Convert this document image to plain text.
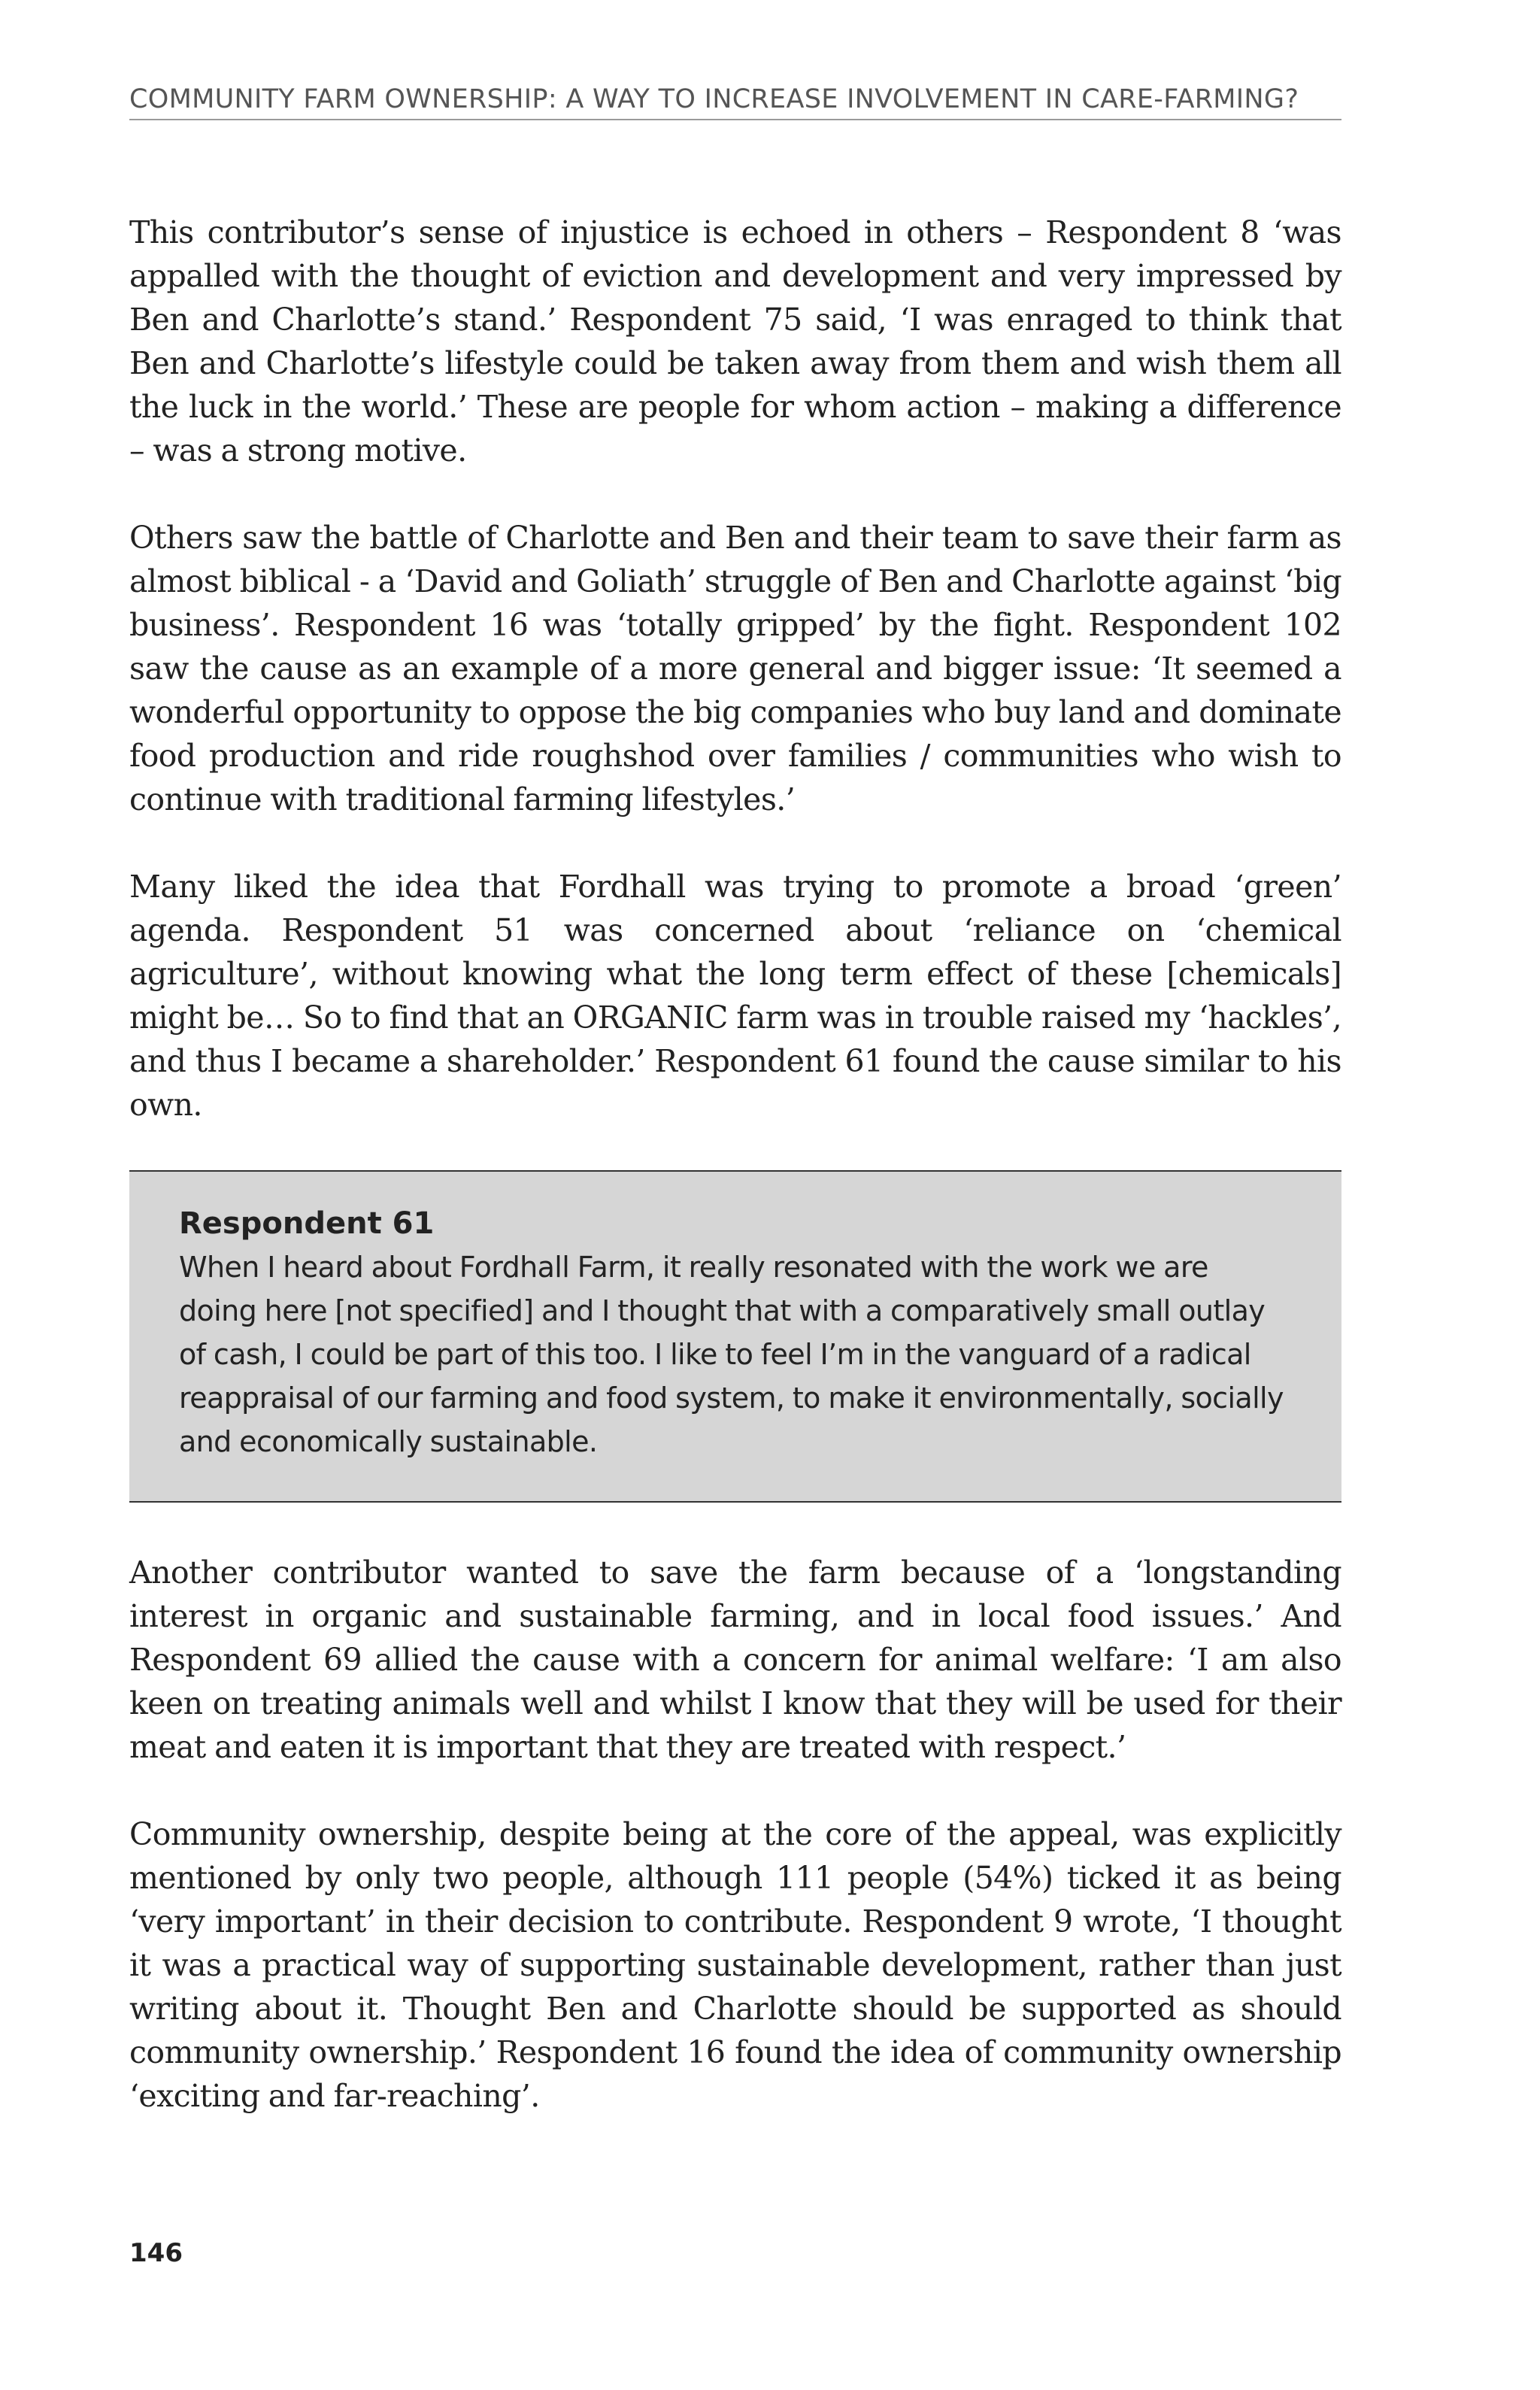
COMMUNITY FARM OWNERSHIP: A WAY TO INCREASE INVOLVEMENT IN CARE-FARMING?

This contributor’s sense of injustice is echoed in others – Respondent 8 ‘was appalled with the thought of eviction and development and very impressed by Ben and Charlotte’s stand.’ Respondent 75 said, ‘I was enraged to think that Ben and Charlotte’s lifestyle could be taken away from them and wish them all the luck in the world.’ These are people for whom action – making a difference – was a strong motive.

Others saw the battle of Charlotte and Ben and their team to save their farm as almost biblical - a ‘David and Goliath’ struggle of Ben and Charlotte against ‘big business’. Respondent 16 was ‘totally gripped’ by the fight. Respondent 102 saw the cause as an example of a more general and bigger issue: ‘It seemed a wonderful opportunity to oppose the big companies who buy land and dominate food production and ride roughshod over families / communities who wish to continue with traditional farming lifestyles.’

Many liked the idea that Fordhall was trying to promote a broad ‘green’ agenda. Respondent 51 was concerned about ‘reliance on ‘chemical agriculture’, without knowing what the long term effect of these [chemicals] might be… So to find that an ORGANIC farm was in trouble raised my ‘hackles’, and thus I became a shareholder.’ Respondent 61 found the cause similar to his own.

Respondent 61

When I heard about Fordhall Farm, it really resonated with the work we are doing here [not specified] and I thought that with a comparatively small outlay of cash, I could be part of this too. I like to feel I’m in the vanguard of a radical reappraisal of our farming and food system, to make it environmentally, socially and economically sustainable.

Another contributor wanted to save the farm because of a ‘longstanding interest in organic and sustainable farming, and in local food issues.’ And Respondent 69 allied the cause with a concern for animal welfare: ‘I am also keen on treating animals well and whilst I know that they will be used for their meat and eaten it is important that they are treated with respect.’

Community ownership, despite being at the core of the appeal, was explicitly mentioned by only two people, although 111 people (54%) ticked it as being ‘very important’ in their decision to contribute. Respondent 9 wrote, ‘I thought it was a practical way of supporting sustainable development, rather than just writing about it. Thought Ben and Charlotte should be supported as should community ownership.’ Respondent 16 found the idea of community ownership ‘exciting and far-reaching’.

146
